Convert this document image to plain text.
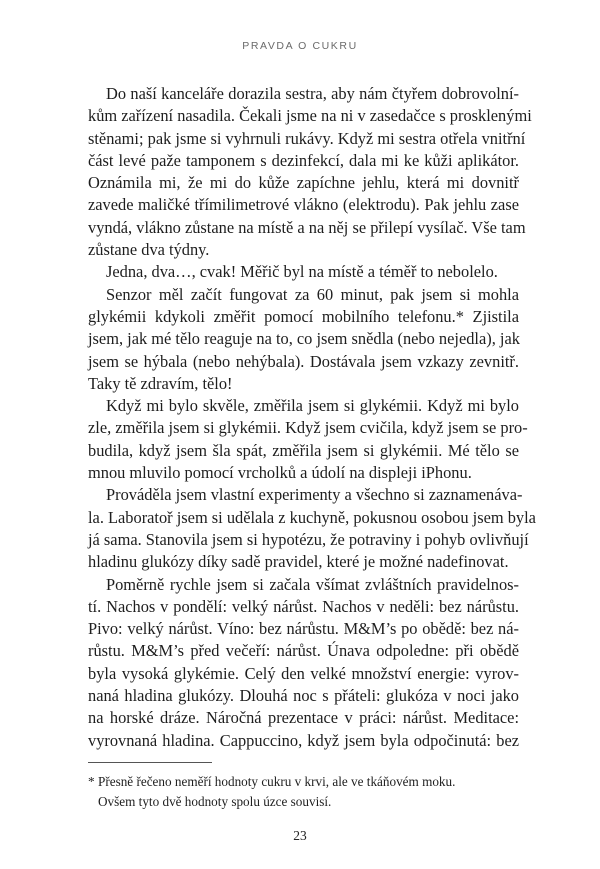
PRAVDA O CUKRU
Do naší kanceláře dorazila sestra, aby nám čtyřem dobrovolní-
kům zařízení nasadila. Čekali jsme na ni v zasedačce s prosklenými
stěnami; pak jsme si vyhrnuli rukávy. Když mi sestra otřela vnitřní
část levé paže tamponem s dezinfekcí, dala mi ke kůži aplikátor.
Oznámila mi, že mi do kůže zapíchne jehlu, která mi dovnitř
zavede maličké třímilimetrové vlákno (elektrodu). Pak jehlu zase
vyndá, vlákno zůstane na místě a na něj se přilepí vysílač. Vše tam
zůstane dva týdny.
Jedna, dva…, cvak! Měřič byl na místě a téměř to nebolelo.
Senzor měl začít fungovat za 60 minut, pak jsem si mohla
glykémii kdykoli změřit pomocí mobilního telefonu.* Zjistila
jsem, jak mé tělo reaguje na to, co jsem snědla (nebo nejedla), jak
jsem se hýbala (nebo nehýbala). Dostávala jsem vzkazy zevnitř.
Taky tě zdravím, tělo!
Když mi bylo skvěle, změřila jsem si glykémii. Když mi bylo
zle, změřila jsem si glykémii. Když jsem cvičila, když jsem se pro-
budila, když jsem šla spát, změřila jsem si glykémii. Mé tělo se
mnou mluvilo pomocí vrcholků a údolí na displeji iPhonu.
Prováděla jsem vlastní experimenty a všechno si zaznamenáva-
la. Laboratoř jsem si udělala z kuchyně, pokusnou osobou jsem byla
já sama. Stanovila jsem si hypotézu, že potraviny i pohyb ovlivňují
hladinu glukózy díky sadě pravidel, které je možné nadefinovat.
Poměrně rychle jsem si začala všímat zvláštních pravidelnos-
tí. Nachos v pondělí: velký nárůst. Nachos v neděli: bez nárůstu.
Pivo: velký nárůst. Víno: bez nárůstu. M&M’s po obědě: bez ná-
růstu. M&M’s před večeří: nárůst. Únava odpoledne: při obědě
byla vysoká glykémie. Celý den velké množství energie: vyrov-
naná hladina glukózy. Dlouhá noc s přáteli: glukóza v noci jako
na horské dráze. Náročná prezentace v práci: nárůst. Meditace:
vyrovnaná hladina. Cappuccino, když jsem byla odpočinutá: bez
* Přesně řečeno neměří hodnoty cukru v krvi, ale ve tkáňovém moku.
Ovšem tyto dvě hodnoty spolu úzce souvisí.
23
